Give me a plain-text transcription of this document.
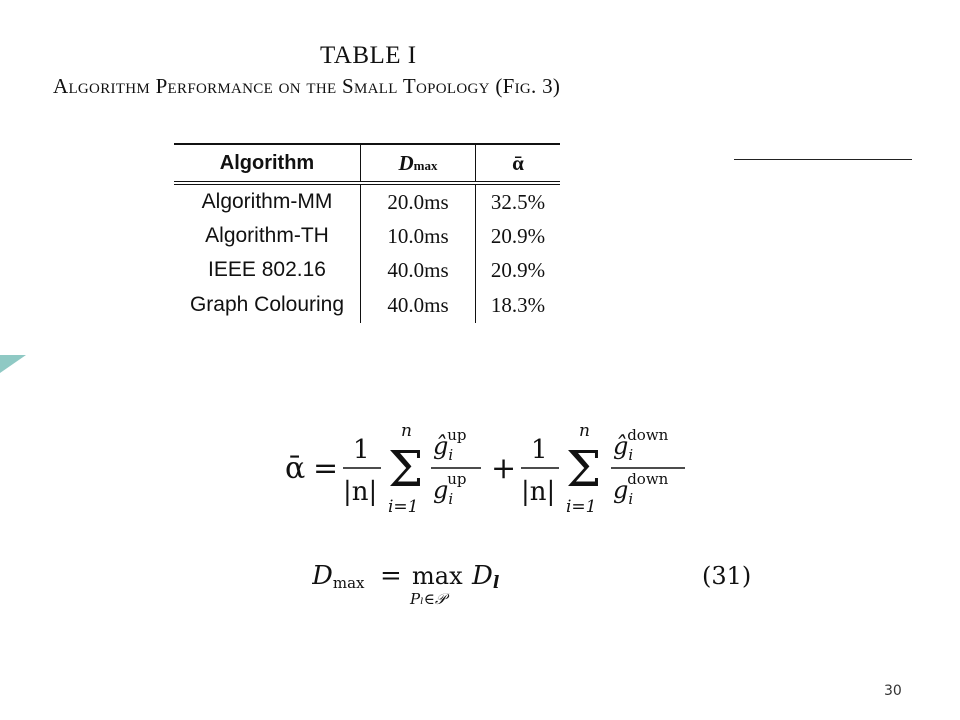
TABLE I
Algorithm Performance on the Small Topology (Fig. 3)
Algorithm	Dmax	ᾱ
Algorithm-MM	20.0ms	32.5%
Algorithm-TH	10.0ms	20.9%
IEEE 802.16	40.0ms	20.9%
Graph Colouring	40.0ms	18.3%
ᾱ =
1
|n|
n
Σ
i=1
$ĝ_iup$
$g_iup$ +
1
|n|
n
Σ
i=1
$ĝ_idown$
$g_idown$
Dmax = max
Pₗ∈𝒫
Dl	(31)
30
